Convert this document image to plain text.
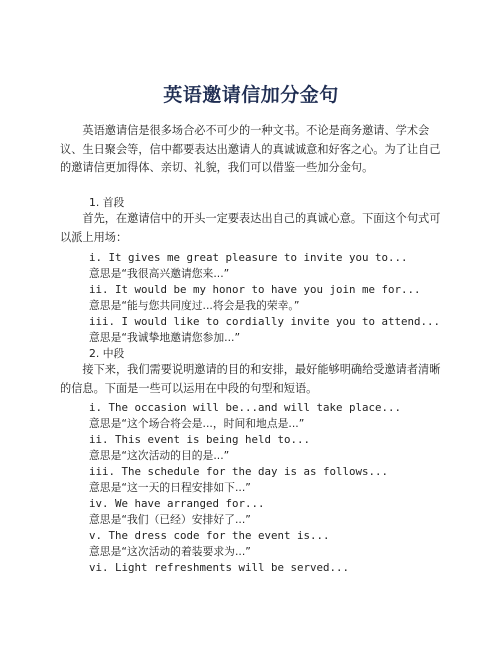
英语邀请信加分金句

英语邀请信是很多场合必不可少的一种文书。不论是商务邀请、学术会议、生日聚会等，信中都要表达出邀请人的真诚诚意和好客之心。为了让自己的邀请信更加得体、亲切、礼貌，我们可以借鉴一些加分金句。

1. 首段

首先，在邀请信中的开头一定要表达出自己的真诚心意。下面这个句式可以派上用场：

i. It gives me great pleasure to invite you to...

意思是“我很高兴邀请您来...”

ii. It would be my honor to have you join me for...

意思是“能与您共同度过...将会是我的荣幸。”

iii. I would like to cordially invite you to attend...

意思是“我诚挚地邀请您参加...”

2. 中段

接下来，我们需要说明邀请的目的和安排，最好能够明确给受邀请者清晰的信息。下面是一些可以运用在中段的句型和短语。

i. The occasion will be...and will take place...

意思是“这个场合将会是...，时间和地点是...”

ii. This event is being held to...

意思是“这次活动的目的是...”

iii. The schedule for the day is as follows...

意思是“这一天的日程安排如下...”

iv. We have arranged for...

意思是“我们（已经）安排好了...”

v. The dress code for the event is...

意思是“这次活动的着装要求为...”

vi. Light refreshments will be served...
